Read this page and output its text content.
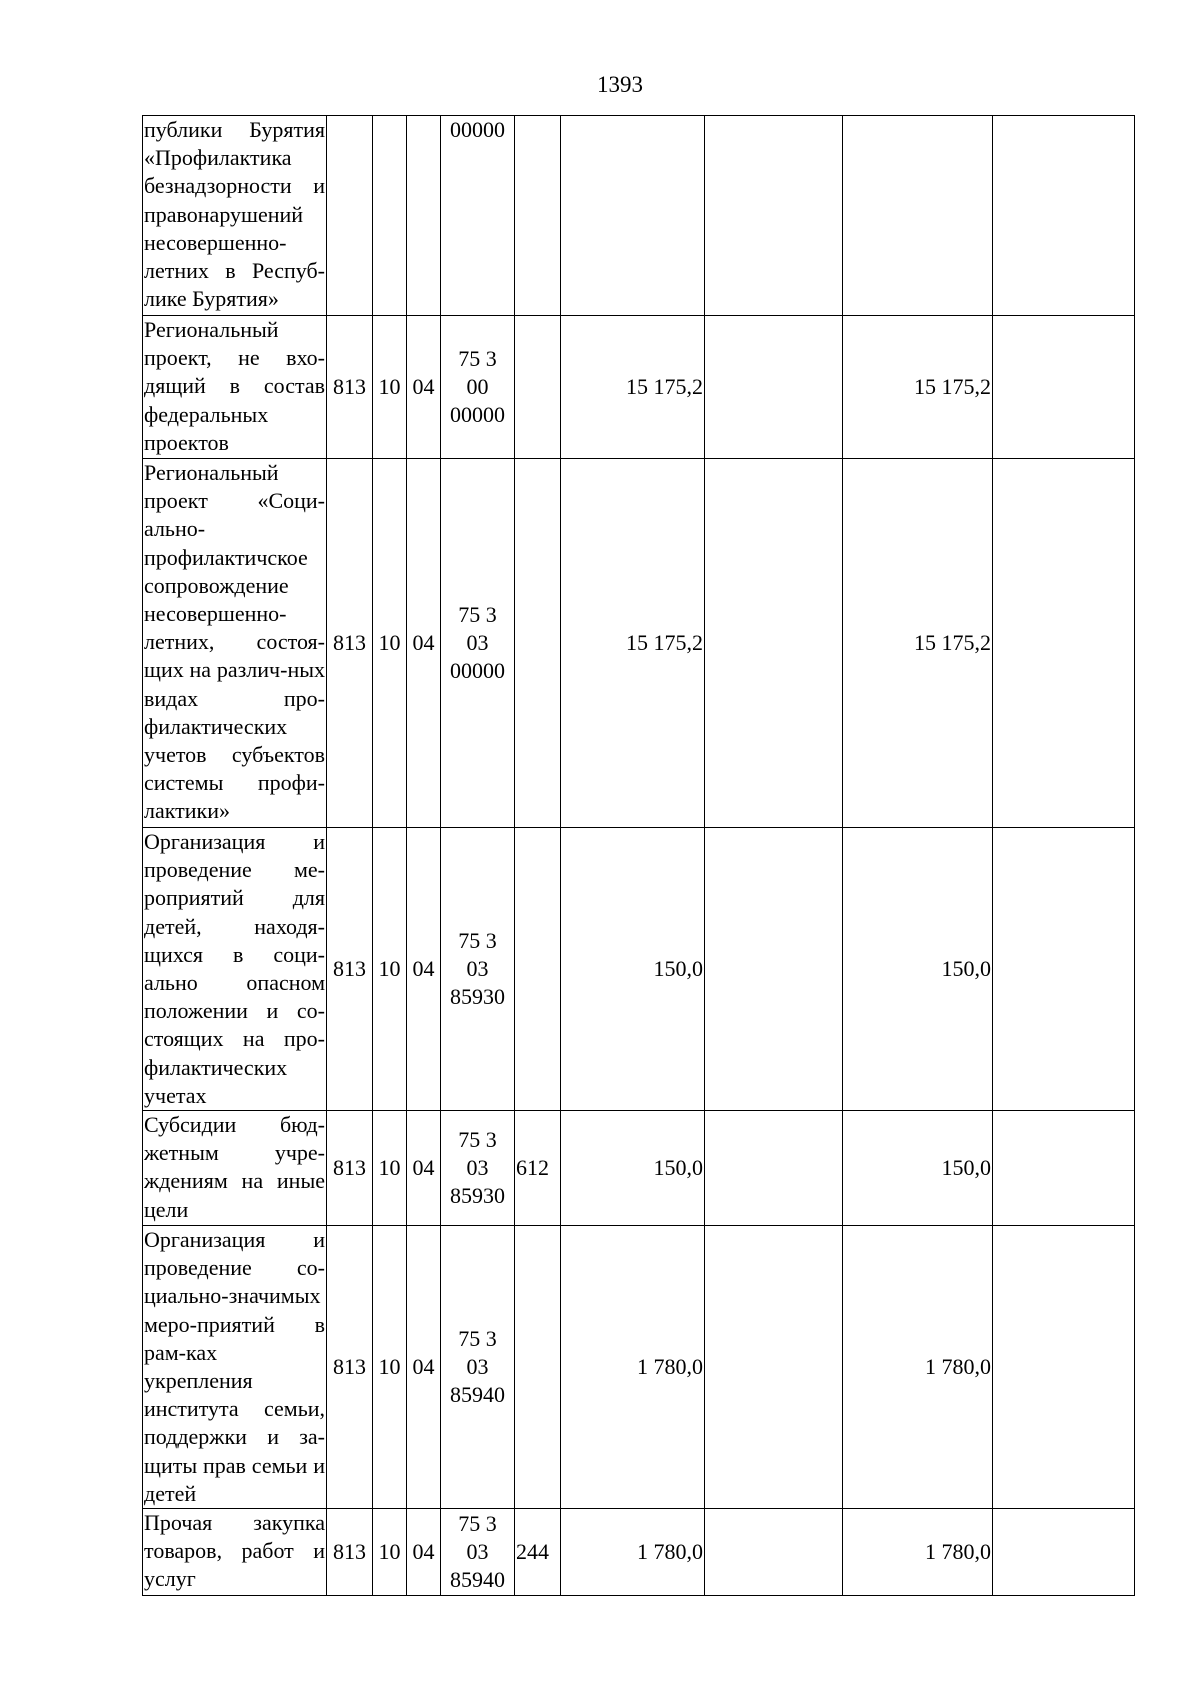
1393
публики Бурятия «Профилактика безнадзорности и правонарушений несовершенно-летних в Респуб-лике Бурятия»				00000					

Региональный проект, не вхо-дящий в состав федеральных проектов	813	10	04	75 3
00
00000		15 175,2		15 175,2	
Региональный проект «Соци-ально-профилактичское сопровождение несовершенно-летних, состоя-щих на различ-ных видах про-филактических учетов субъектов системы профи-лактики»	813	10	04	75 3
03
00000		15 175,2		15 175,2	
Организация и проведение ме-роприятий для детей, находя-щихся в соци-ально опасном положении и со-стоящих на про-филактических учетах	813	10	04	75 3
03
85930		150,0		150,0	
Субсидии бюд-жетным учре-ждениям на иные цели	813	10	04	75 3
03
85930	612	150,0		150,0	
Организация и проведение со-циально-значимых меро-приятий в рам-ках укрепления института семьи, поддержки и за-щиты прав семьи и детей	813	10	04	75 3
03
85940		1 780,0		1 780,0	
Прочая закупка товаров, работ и услуг	813	10	04	75 3
03
85940	244	1 780,0		1 780,0	
